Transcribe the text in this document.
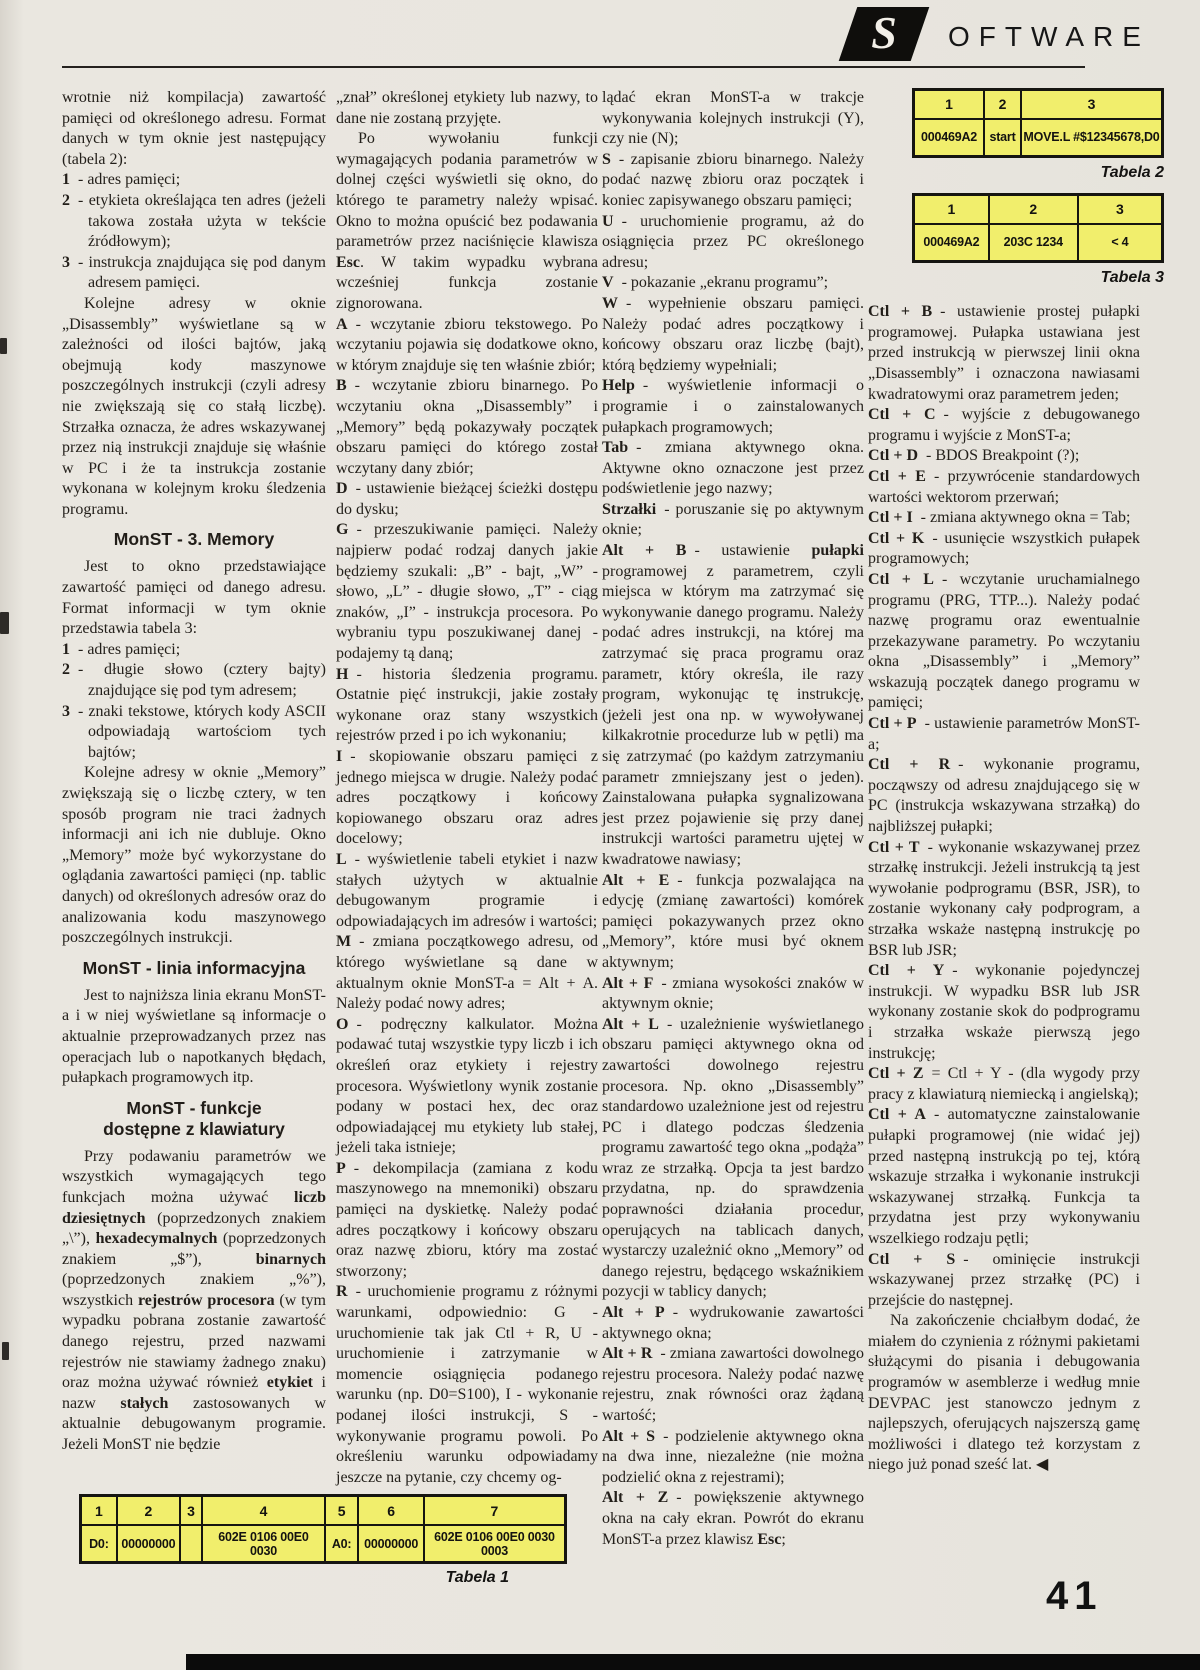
S	OFTWARE

wrotnie niż kompilacja) zawartość pamięci od określonego adresu. Format danych w tym oknie jest następujący (tabela 2):

1  - adres pamięci;

2  - etykieta określająca ten adres (jeżeli takowa została użyta w tekście źródłowym);

3  - instrukcja znajdująca się pod danym adresem pamięci.

Kolejne adresy w oknie „Disassembly” wyświetlane są w zależności od ilości bajtów, jaką obejmują kody maszynowe poszczególnych instrukcji (czyli adresy nie zwiększają się co stałą liczbę). Strzałka oznacza, że adres wskazywanej przez nią instrukcji znajduje się właśnie w PC i że ta instrukcja zostanie wykonana w kolejnym kroku śledzenia programu.

MonST - 3. Memory

Jest to okno przedstawiające zawartość pamięci od danego adresu. Format informacji w tym oknie przedstawia tabela 3:

1  - adres pamięci;

2  - długie słowo (cztery bajty) znajdujące się pod tym adresem;

3  - znaki tekstowe, których kody ASCII odpowiadają wartościom tych bajtów;

Kolejne adresy w oknie „Memory” zwiększają się o liczbę cztery, w ten sposób program nie traci żadnych informacji ani ich nie dubluje. Okno „Memory” może być wykorzystane do oglądania zawartości pamięci (np. tablic danych) od określonych adresów oraz do analizowania kodu maszynowego poszczególnych instrukcji.

MonST - linia informacyjna

Jest to najniższa linia ekranu MonST-a i w niej wyświetlane są informacje o aktualnie przeprowadzanych przez nas operacjach lub o napotkanych błędach, pułapkach programowych itp.

MonST - funkcje
dostępne z klawiatury

Przy podawaniu parametrów we wszystkich wymagających tego funkcjach można używać liczb dziesiętnych (poprzedzonych znakiem „\”), hexadecymalnych (poprzedzonych znakiem „$”), binarnych (poprzedzonych znakiem „%”), wszystkich rejestrów procesora (w tym wypadku pobrana zostanie zawartość danego rejestru, przed nazwami rejestrów nie stawiamy żadnego znaku) oraz można używać również etykiet i nazw stałych zastosowanych w aktualnie debugowanym programie. Jeżeli MonST nie będzie

„znał” określonej etykiety lub nazwy, to dane nie zostaną przyjęte.

Po wywołaniu funkcji wymagających podania parametrów w dolnej części wyświetli się okno, do którego te parametry należy wpisać. Okno to można opuścić bez podawania parametrów przez naciśnięcie klawisza Esc. W takim wypadku wybrana wcześniej funkcja zostanie zignorowana.

A  - wczytanie zbioru tekstowego. Po wczytaniu pojawia się dodatkowe okno, w którym znajduje się ten właśnie zbiór;

B  - wczytanie zbioru binarnego. Po wczytaniu okna „Disassembly” i „Memory” będą pokazywały początek obszaru pamięci do którego został wczytany dany zbiór;

D  - ustawienie bieżącej ścieżki dostępu do dysku;

G  - przeszukiwanie pamięci. Należy najpierw podać rodzaj danych jakie będziemy szukali: „B” - bajt, „W” - słowo, „L” - długie słowo, „T” - ciąg znaków, „I” - instrukcja procesora. Po wybraniu typu poszukiwanej danej - podajemy tą daną;

H  - historia śledzenia programu. Ostatnie pięć instrukcji, jakie zostały wykonane oraz stany wszystkich rejestrów przed i po ich wykonaniu;

I  - skopiowanie obszaru pamięci z jednego miejsca w drugie. Należy podać adres początkowy i końcowy kopiowanego obszaru oraz adres docelowy;

L  - wyświetlenie tabeli etykiet i nazw stałych użytych w aktualnie debugowanym programie i odpowiadających im adresów i wartości;

M  - zmiana początkowego adresu, od którego wyświetlane są dane w aktualnym oknie MonST-a = Alt + A. Należy podać nowy adres;

O  - podręczny kalkulator. Można podawać tutaj wszystkie typy liczb i ich określeń oraz etykiety i rejestry procesora. Wyświetlony wynik zostanie podany w postaci hex, dec oraz odpowiadającej mu etykiety lub stałej, jeżeli taka istnieje;

P  - dekompilacja (zamiana z kodu maszynowego na mnemoniki) obszaru pamięci na dyskietkę. Należy podać adres początkowy i końcowy obszaru oraz nazwę zbioru, który ma zostać stworzony;

R  - uruchomienie programu z różnymi warunkami, odpowiednio: G - uruchomienie tak jak Ctl + R, U - uruchomienie i zatrzymanie w momencie osiągnięcia podanego warunku (np. D0=S100), I - wykonanie podanej ilości instrukcji, S - wykonywanie programu powoli. Po określeniu warunku odpowiadamy jeszcze na pytanie, czy chcemy og-

lądać ekran MonST-a w trakcje wykonywania kolejnych instrukcji (Y), czy nie (N);

S  - zapisanie zbioru binarnego. Należy podać nazwę zbioru oraz początek i koniec zapisywanego obszaru pamięci;

U  - uruchomienie programu, aż do osiągnięcia przez PC określonego adresu;

V  - pokazanie „ekranu programu”;

W  - wypełnienie obszaru pamięci. Należy podać adres początkowy i końcowy obszaru oraz liczbę (bajt), którą będziemy wypełniali;

Help  - wyświetlenie informacji o programie i o zainstalowanych pułapkach programowych;

Tab  - zmiana aktywnego okna. Aktywne okno oznaczone jest przez podświetlenie jego nazwy;

Strzałki  - poruszanie się po aktywnym oknie;

Alt + B  - ustawienie pułapki programowej z parametrem, czyli miejsca w którym ma zatrzymać się wykonywanie danego programu. Należy podać adres instrukcji, na której ma zatrzymać się praca programu oraz parametr, który określa, ile razy program, wykonując tę instrukcję, (jeżeli jest ona np. w wywoływanej kilkakrotnie procedurze lub w pętli) ma się zatrzymać (po każdym zatrzymaniu parametr zmniejszany jest o jeden). Zainstalowana pułapka sygnalizowana jest przez pojawienie się przy danej instrukcji wartości parametru ujętej w kwadratowe nawiasy;

Alt + E  - funkcja pozwalająca na edycję (zmianę zawartości) komórek pamięci pokazywanych przez okno „Memory”, które musi być oknem aktywnym;

Alt + F  - zmiana wysokości znaków w aktywnym oknie;

Alt + L  - uzależnienie wyświetlanego obszaru pamięci aktywnego okna od zawartości dowolnego rejestru procesora. Np. okno „Disassembly” standardowo uzależnione jest od rejestru PC i dlatego podczas śledzenia programu zawartość tego okna „podąża” wraz ze strzałką. Opcja ta jest bardzo przydatna, np. do sprawdzenia poprawności działania procedur, operujących na tablicach danych, wystarczy uzależnić okno „Memory” od danego rejestru, będącego wskaźnikiem pozycji w tablicy danych;

Alt + P  - wydrukowanie zawartości aktywnego okna;

Alt + R  - zmiana zawartości dowolnego rejestru procesora. Należy podać nazwę rejestru, znak równości oraz żądaną wartość;

Alt + S  - podzielenie aktywnego okna na dwa inne, niezależne (nie można podzielić okna z rejestrami);

Alt + Z  - powiększenie aktywnego okna na cały ekran. Powrót do ekranu MonST-a przez klawisz Esc;

1	2	3
000469A2	start	MOVE.L #$12345678,D0
Tabela 2
1	2	3
000469A2	203C 1234	< 4
Tabela 3

Ctl + B  - ustawienie prostej pułapki programowej. Pułapka ustawiana jest przed instrukcją w pierwszej linii okna „Disassembly” i oznaczona nawiasami kwadratowymi oraz parametrem jeden;

Ctl + C  - wyjście z debugowanego programu i wyjście z MonST-a;

Ctl + D  - BDOS Breakpoint (?);

Ctl + E  - przywrócenie standardowych wartości wektorom przerwań;

Ctl + I  - zmiana aktywnego okna = Tab;

Ctl + K  - usunięcie wszystkich pułapek programowych;

Ctl + L  - wczytanie uruchamialnego programu (PRG, TTP...). Należy podać nazwę programu oraz ewentualnie przekazywane parametry. Po wczytaniu okna „Disassembly” i „Memory” wskazują początek danego programu w pamięci;

Ctl + P  - ustawienie parametrów MonST-a;

Ctl + R  - wykonanie programu, począwszy od adresu znajdującego się w PC (instrukcja wskazywana strzałką) do najbliższej pułapki;

Ctl + T  - wykonanie wskazywanej przez strzałkę instrukcji. Jeżeli instrukcją tą jest wywołanie podprogramu (BSR, JSR), to zostanie wykonany cały podprogram, a strzałka wskaże następną instrukcję po BSR lub JSR;

Ctl + Y  - wykonanie pojedynczej instrukcji. W wypadku BSR lub JSR wykonany zostanie skok do podprogramu i strzałka wskaże pierwszą jego instrukcję;

Ctl + Z  = Ctl + Y - (dla wygody przy pracy z klawiaturą niemiecką i angielską);

Ctl + A  - automatyczne zainstalowanie pułapki programowej (nie widać jej) przed następną instrukcją po tej, którą wskazuje strzałka i wykonanie instrukcji wskazywanej strzałką. Funkcja ta przydatna jest przy wykonywaniu wszelkiego rodzaju pętli;

Ctl + S  - ominięcie instrukcji wskazywanej przez strzałkę (PC) i przejście do następnej.

Na zakończenie chciałbym dodać, że miałem do czynienia z różnymi pakietami służącymi do pisania i debugowania programów w asemblerze i według mnie DEVPAC jest stanowczo jednym z najlepszych, oferujących najszerszą gamę możliwości i dlatego też korzystam z niego już ponad sześć lat. ◀

1	2	3	4	5	6	7
D0:	00000000		602E 0106 00E0 0030	A0:	00000000	602E 0106 00E0 0030 0003
Tabela 1	41
